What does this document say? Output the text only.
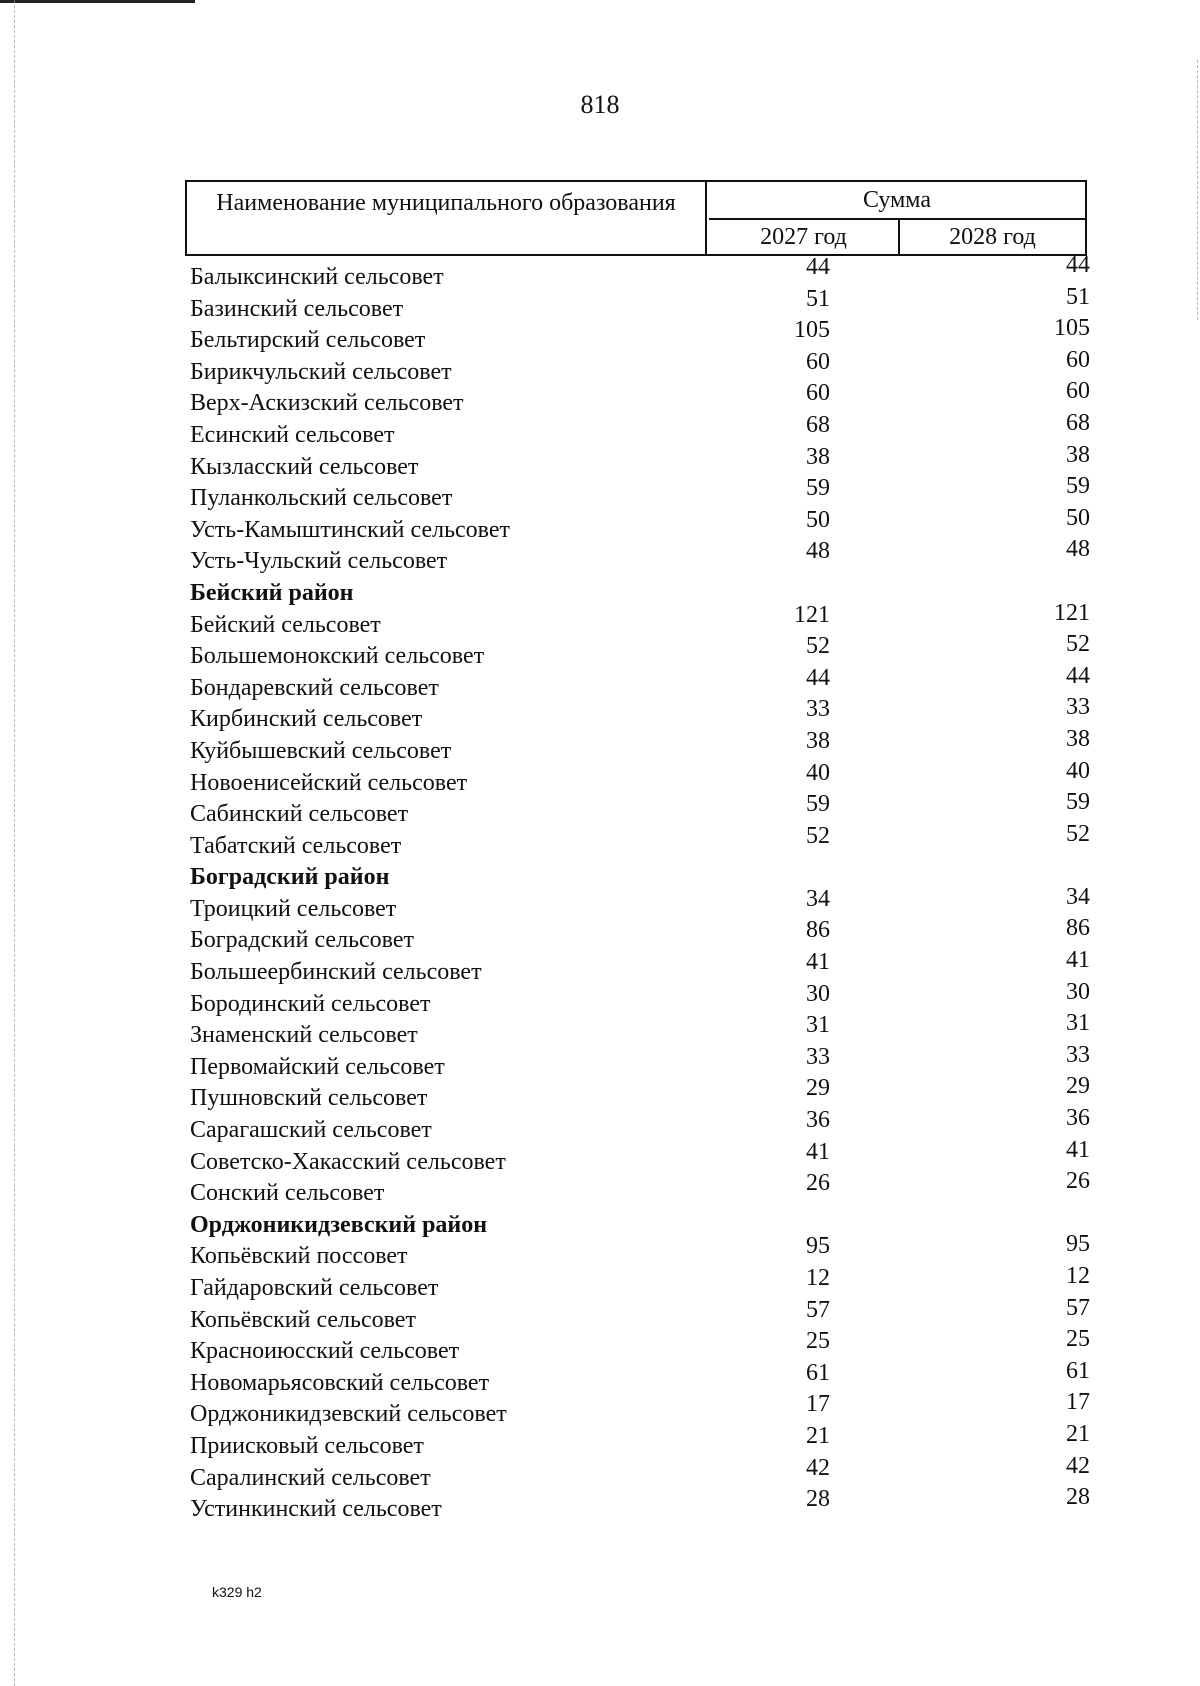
818
Наименование муниципального образования	Сумма
2027 год	2028 год
Балыксинский сельсовет	44	44
Базинский сельсовет	51	51
Бельтирский сельсовет	105	105
Бирикчульский сельсовет	60	60
Верх-Аскизский сельсовет	60	60
Есинский сельсовет	68	68
Кызласский сельсовет	38	38
Пуланкольский сельсовет	59	59
Усть-Камыштинский сельсовет	50	50
Усть-Чульский сельсовет	48	48
Бейский район
Бейский сельсовет	121	121
Большемонокский сельсовет	52	52
Бондаревский сельсовет	44	44
Кирбинский сельсовет	33	33
Куйбышевский сельсовет	38	38
Новоенисейский сельсовет	40	40
Сабинский сельсовет	59	59
Табатский сельсовет	52	52
Боградский район
Троицкий сельсовет	34	34
Боградский сельсовет	86	86
Большеербинский сельсовет	41	41
Бородинский сельсовет	30	30
Знаменский сельсовет	31	31
Первомайский сельсовет	33	33
Пушновский сельсовет	29	29
Сарагашский сельсовет	36	36
Советско-Хакасский сельсовет	41	41
Сонский сельсовет	26	26
Орджоникидзевский район
Копьёвский поссовет	95	95
Гайдаровский сельсовет	12	12
Копьёвский сельсовет	57	57
Красноиюсский сельсовет	25	25
Новомарьясовский сельсовет	61	61
Орджоникидзевский сельсовет	17	17
Приисковый сельсовет	21	21
Саралинский сельсовет	42	42
Устинкинский сельсовет	28	28
k329 h2
